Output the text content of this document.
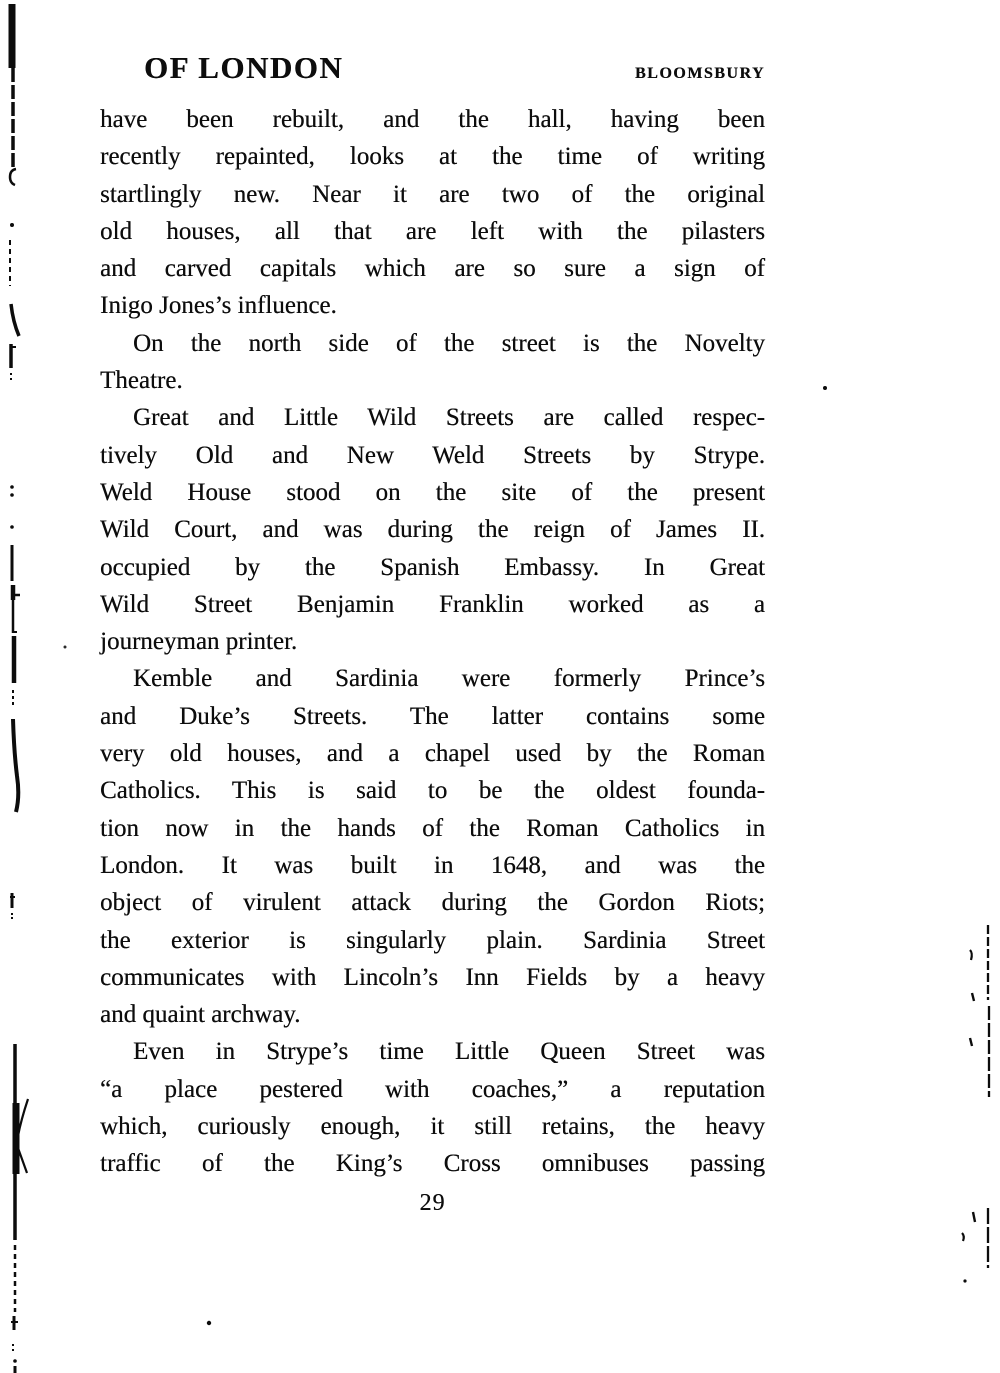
OF LONDON	BLOOMSBURY
have been rebuilt, and the hall, having been
recently repainted, looks at the time of writing
startlingly new. Near it are two of the original
old houses, all that are left with the pilasters
and carved capitals which are so sure a sign of
Inigo Jones’s influence.
On the north side of the street is the Novelty
Theatre.
Great and Little Wild Streets are called respec-
tively Old and New Weld Streets by Strype.
Weld House stood on the site of the present
Wild Court, and was during the reign of James II.
occupied by the Spanish Embassy. In Great
Wild Street Benjamin Franklin worked as a
journeyman printer.
Kemble and Sardinia were formerly Prince’s
and Duke’s Streets. The latter contains some
very old houses, and a chapel used by the Roman
Catholics. This is said to be the oldest founda-
tion now in the hands of the Roman Catholics in
London. It was built in 1648, and was the
object of virulent attack during the Gordon Riots;
the exterior is singularly plain. Sardinia Street
communicates with Lincoln’s Inn Fields by a heavy
and quaint archway.
Even in Strype’s time Little Queen Street was
“a place pestered with coaches,” a reputation
which, curiously enough, it still retains, the heavy
traffic of the King’s Cross omnibuses passing
29
